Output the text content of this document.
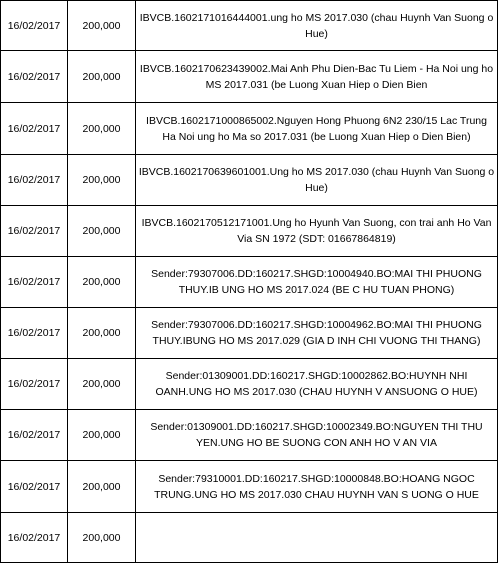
16/02/2017	200,000	IBVCB.1602171016444001.ung ho MS 2017.030 (chau Huynh Van Suong o Hue)
16/02/2017	200,000	IBVCB.1602170623439002.Mai Anh Phu Dien-Bac Tu Liem - Ha Noi ung ho MS 2017.031 (be Luong Xuan Hiep o Dien Bien
16/02/2017	200,000	IBVCB.1602171000865002.Nguyen Hong Phuong 6N2 230/15 Lac Trung Ha Noi ung ho Ma so 2017.031 (be Luong Xuan Hiep o Dien Bien)
16/02/2017	200,000	IBVCB.1602170639601001.Ung ho MS 2017.030 (chau Huynh Van Suong o Hue)
16/02/2017	200,000	IBVCB.1602170512171001.Ung ho Hyunh Van Suong, con trai anh Ho Van Via SN 1972 (SDT: 01667864819)
16/02/2017	200,000	Sender:79307006.DD:160217.SHGD:10004940.BO:MAI THI PHUONG THUY.IB UNG HO MS 2017.024 (BE C HU TUAN PHONG)
16/02/2017	200,000	Sender:79307006.DD:160217.SHGD:10004962.BO:MAI THI PHUONG THUY.IBUNG HO MS 2017.029 (GIA D INH CHI VUONG THI THANG)
16/02/2017	200,000	Sender:01309001.DD:160217.SHGD:10002862.BO:HUYNH NHI OANH.UNG HO MS 2017.030 (CHAU HUYNH V ANSUONG O HUE)
16/02/2017	200,000	Sender:01309001.DD:160217.SHGD:10002349.BO:NGUYEN THI THU YEN.UNG HO BE SUONG CON ANH HO V AN VIA
16/02/2017	200,000	Sender:79310001.DD:160217.SHGD:10000848.BO:HOANG NGOC TRUNG.UNG HO MS 2017.030 CHAU HUYNH VAN S UONG O HUE
16/02/2017	200,000	
